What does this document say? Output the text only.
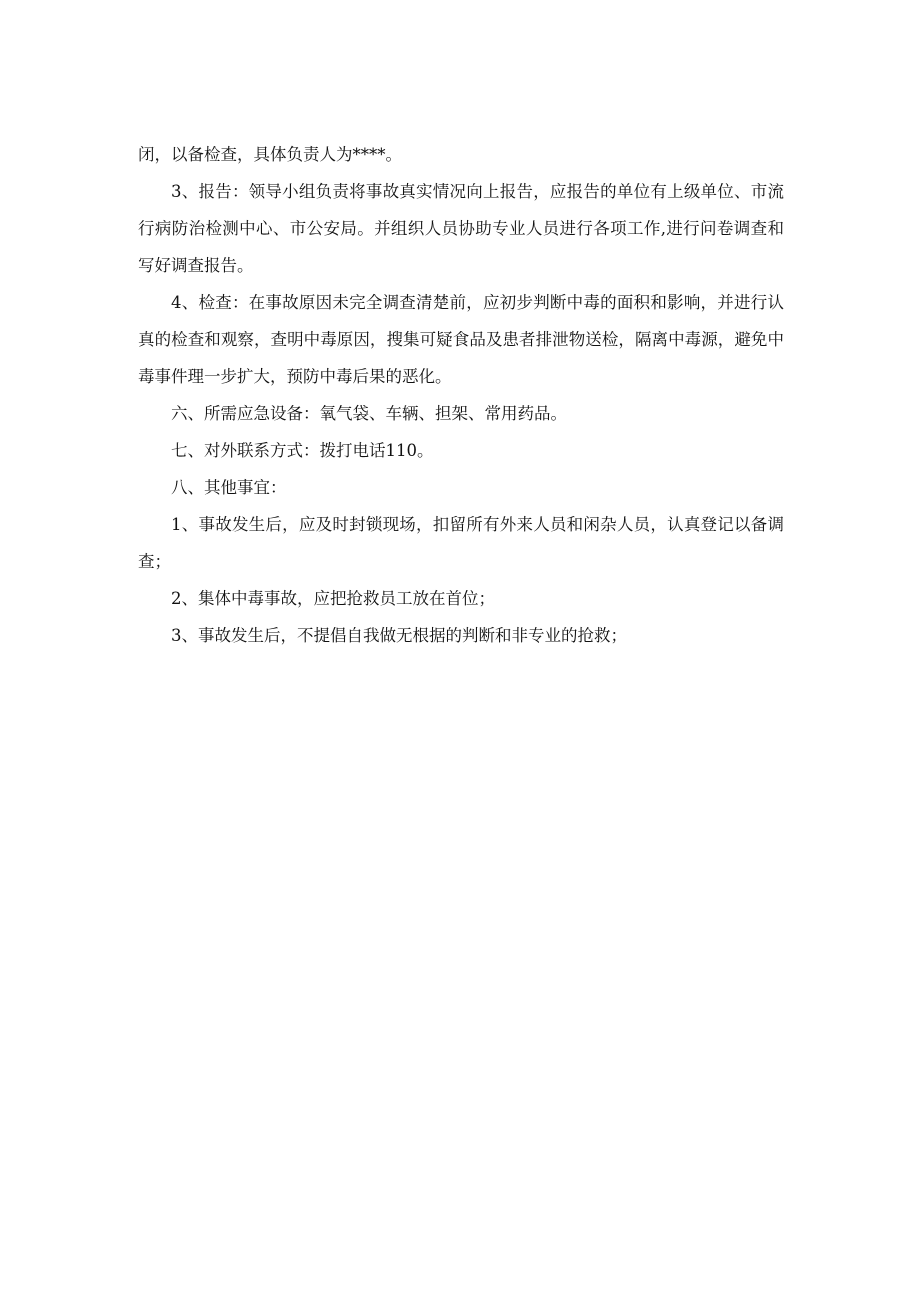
闭，以备检查，具体负责人为****。

3、报告：领导小组负责将事故真实情况向上报告，应报告的单位有上级单位、市流行病防治检测中心、市公安局。并组织人员协助专业人员进行各项工作,进行问卷调查和写好调查报告。

4、检查：在事故原因未完全调查清楚前，应初步判断中毒的面积和影响，并进行认真的检查和观察，查明中毒原因，搜集可疑食品及患者排泄物送检，隔离中毒源，避免中毒事件理一步扩大，预防中毒后果的恶化。

六、所需应急设备：氧气袋、车辆、担架、常用药品。

七、对外联系方式：拨打电话110。

八、其他事宜：

1、事故发生后，应及时封锁现场，扣留所有外来人员和闲杂人员，认真登记以备调查；

2、集体中毒事故，应把抢救员工放在首位；

3、事故发生后，不提倡自我做无根据的判断和非专业的抢救；
